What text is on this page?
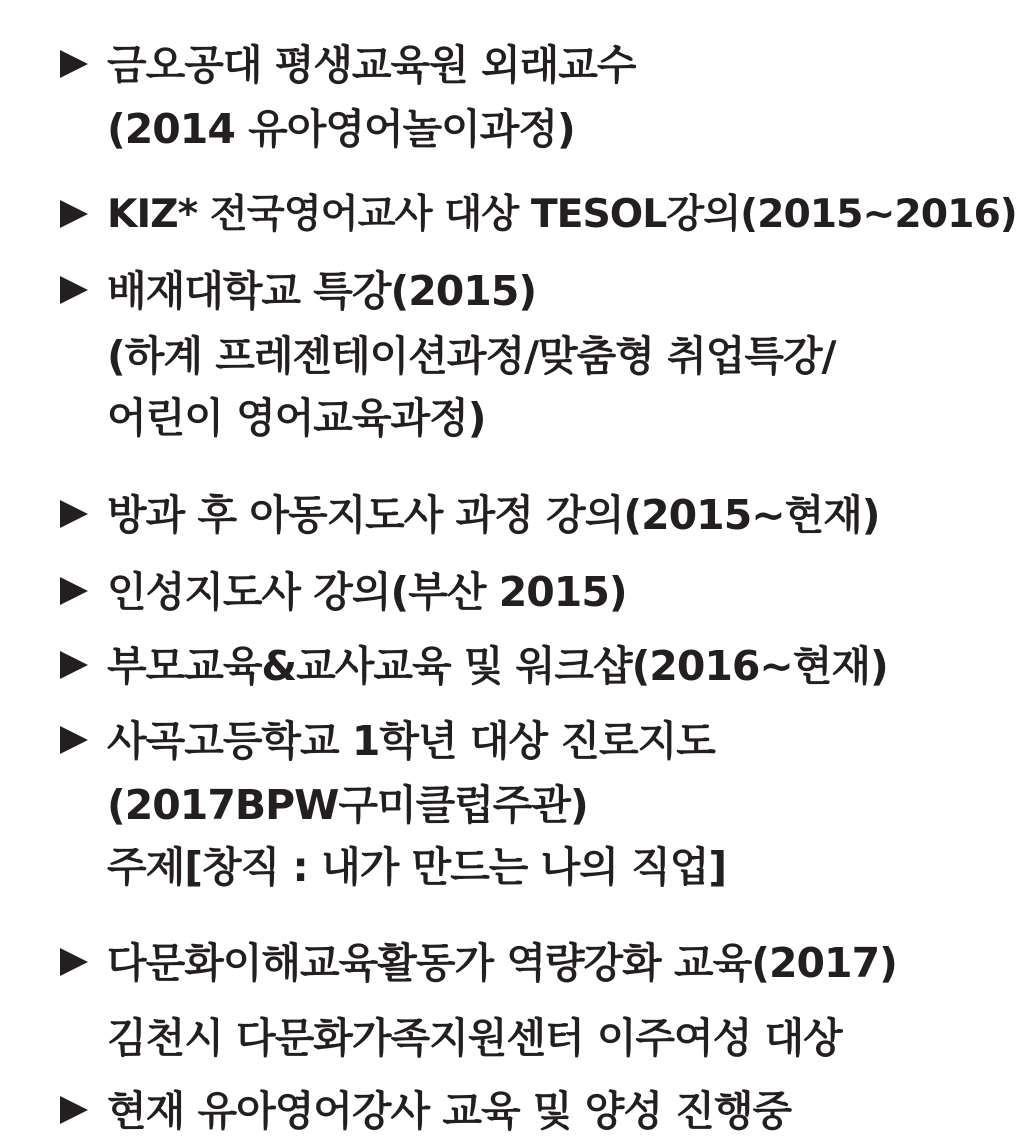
금오공대 평생교육원 외래교수
(2014 유아영어놀이과정)
KIZ* 전국영어교사 대상 TESOL강의(2015~2016)
배재대학교 특강(2015)
(하계 프레젠테이션과정/맞춤형 취업특강/
어린이 영어교육과정)
방과 후 아동지도사 과정 강의(2015~현재)
인성지도사 강의(부산 2015)
부모교육&교사교육 및 워크샵(2016~현재)
사곡고등학교 1학년 대상 진로지도
(2017BPW구미클럽주관)
주제[창직 : 내가 만드는 나의 직업]
다문화이해교육활동가 역량강화 교육(2017)
김천시 다문화가족지원센터 이주여성 대상
현재 유아영어강사 교육 및 양성 진행중
